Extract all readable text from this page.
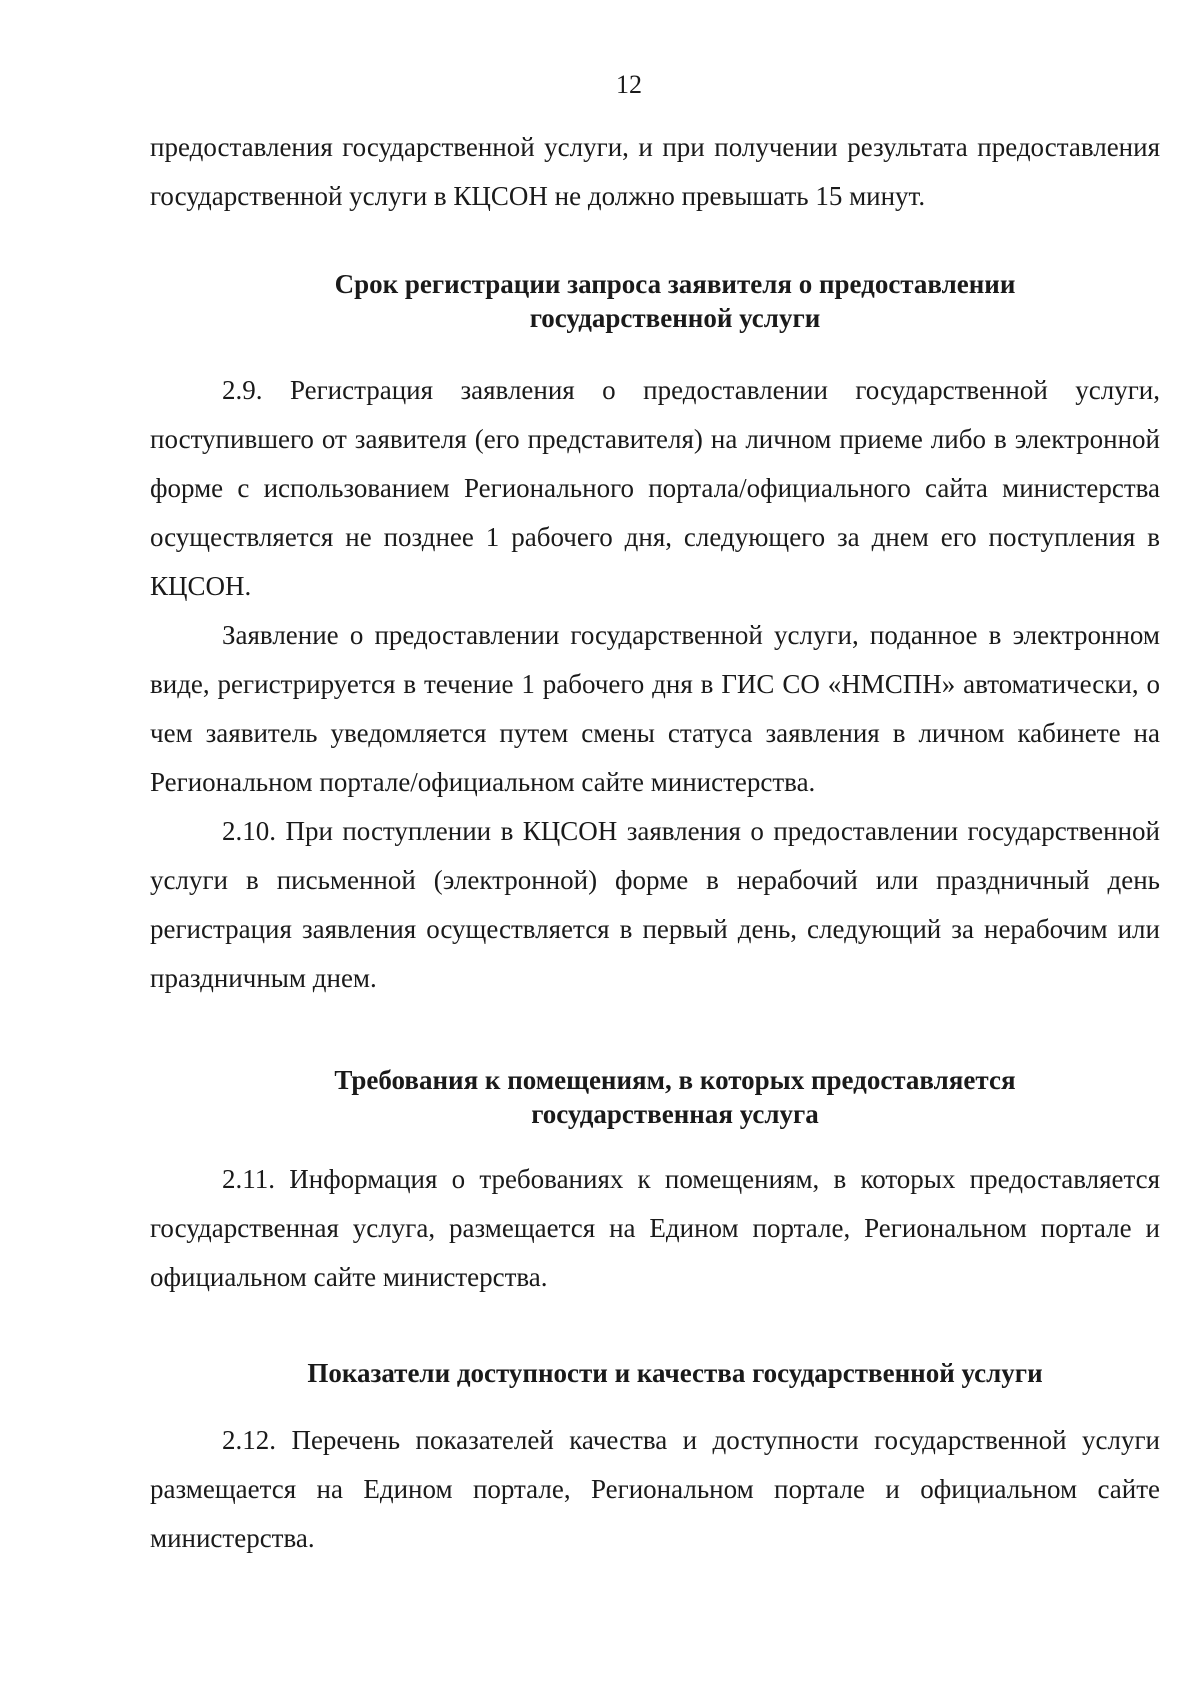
12

предоставления государственной услуги, и при получении результата предоставления государственной услуги в КЦСОН не должно превышать 15 минут.

Срок регистрации запроса заявителя о предоставлении
государственной услуги

2.9. Регистрация заявления о предоставлении государственной услуги, поступившего от заявителя (его представителя) на личном приеме либо в электронной форме с использованием Регионального портала/официального сайта министерства осуществляется не позднее 1 рабочего дня, следующего за днем его поступления в КЦСОН.

Заявление о предоставлении государственной услуги, поданное в электронном виде, регистрируется в течение 1 рабочего дня в ГИС СО «НМСПН» автоматически, о чем заявитель уведомляется путем смены статуса заявления в личном кабинете на Региональном портале/официальном сайте министерства.

2.10. При поступлении в КЦСОН заявления о предоставлении государственной услуги в письменной (электронной) форме в нерабочий или праздничный день регистрация заявления осуществляется в первый день, следующий за нерабочим или праздничным днем.

Требования к помещениям, в которых предоставляется
государственная услуга

2.11. Информация о требованиях к помещениям, в которых предоставляется государственная услуга, размещается на Едином портале, Региональном портале и официальном сайте министерства.

Показатели доступности и качества государственной услуги

2.12. Перечень показателей качества и доступности государственной услуги размещается на Едином портале, Региональном портале и официальном сайте министерства.
